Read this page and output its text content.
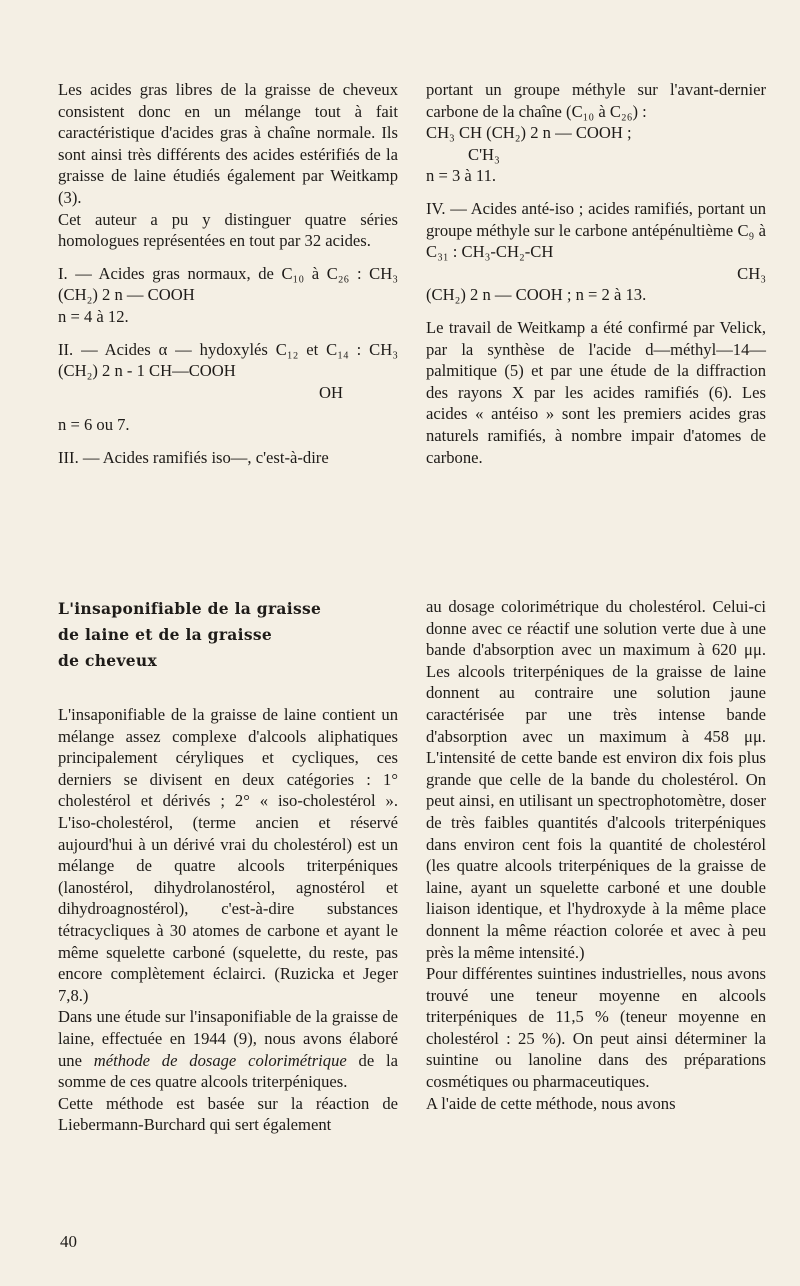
Les acides gras libres de la graisse de cheveux consistent donc en un mélange tout à fait caractéristique d'acides gras à chaîne normale. Ils sont ainsi très différents des acides estérifiés de la graisse de laine étudiés également par Weitkamp (3).

Cet auteur a pu y distinguer quatre séries homologues représentées en tout par 32 acides.

I. — Acides gras normaux, de C₁₀ à C₂₆ : CH₃ (CH₂) 2 n — COOH

n = 4 à 12.

II. — Acides α — hydoxylés C₁₂ et C₁₄ : CH₃ (CH₂) 2 n - 1 CH—COOH

OH

n = 6 ou 7.

III. — Acides ramifiés iso—, c'est-à-dire

portant un groupe méthyle sur l'avant-dernier carbone de la chaîne (C₁₀ à C₂₆) :

CH₃ CH (CH₂) 2 n — COOH ;

C'H₃

n = 3 à 11.

IV. — Acides anté-iso ; acides ramifiés, portant un groupe méthyle sur le carbone antépénultième C₉ à C₃₁ : CH₃-CH₂-CH

CH₃

(CH₂) 2 n — COOH ; n = 2 à 13.

Le travail de Weitkamp a été confirmé par Velick, par la synthèse de l'acide d—méthyl—14—palmitique (5) et par une étude de la diffraction des rayons X par les acides ramifiés (6). Les acides « antéiso » sont les premiers acides gras naturels ramifiés, à nombre impair d'atomes de carbone.

L'insaponifiable de la graisse
de laine et de la graisse
de cheveux

L'insaponifiable de la graisse de laine contient un mélange assez complexe d'alcools aliphatiques principalement céryliques et cycliques, ces derniers se divisent en deux catégories : 1° cholestérol et dérivés ; 2° « iso-cholestérol ». L'iso-cholestérol, (terme ancien et réservé aujourd'hui à un dérivé vrai du cholestérol) est un mélange de quatre alcools triterpéniques (lanostérol, dihydrolanostérol, agnostérol et dihydroagnostérol), c'est-à-dire substances tétracycliques à 30 atomes de carbone et ayant le même squelette carboné (squelette, du reste, pas encore complètement éclairci. (Ruzicka et Jeger 7,8.)

Dans une étude sur l'insaponifiable de la graisse de laine, effectuée en 1944 (9), nous avons élaboré une méthode de dosage colorimétrique de la somme de ces quatre alcools triterpéniques.

Cette méthode est basée sur la réaction de Liebermann-Burchard qui sert également

au dosage colorimétrique du cholestérol. Celui-ci donne avec ce réactif une solution verte due à une bande d'absorption avec un maximum à 620 μμ. Les alcools triterpéniques de la graisse de laine donnent au contraire une solution jaune caractérisée par une très intense bande d'absorption avec un maximum à 458 μμ. L'intensité de cette bande est environ dix fois plus grande que celle de la bande du cholestérol. On peut ainsi, en utilisant un spectrophotomètre, doser de très faibles quantités d'alcools triterpéniques dans environ cent fois la quantité de cholestérol (les quatre alcools triterpéniques de la graisse de laine, ayant un squelette carboné et une double liaison identique, et l'hydroxyde à la même place donnent la même réaction colorée et avec à peu près la même intensité.)

Pour différentes suintines industrielles, nous avons trouvé une teneur moyenne en alcools triterpéniques de 11,5 % (teneur moyenne en cholestérol : 25 %). On peut ainsi déterminer la suintine ou lanoline dans des préparations cosmétiques ou pharmaceutiques.

A l'aide de cette méthode, nous avons

40
